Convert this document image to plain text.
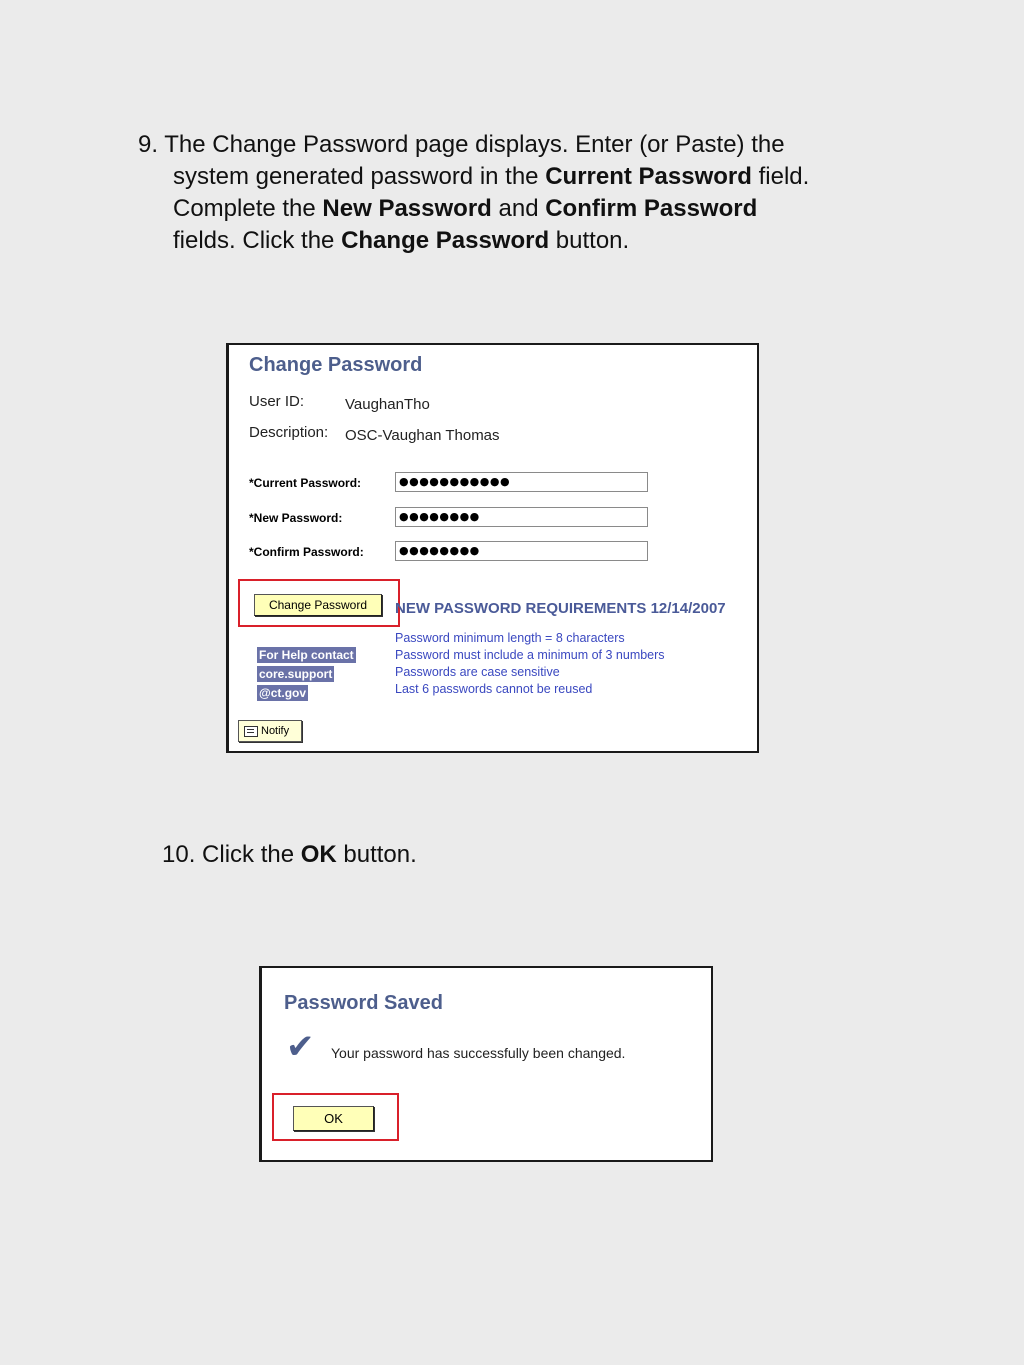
9. The Change Password page displays. Enter (or Paste) the
system generated password in the Current Password field.
Complete the New Password and Confirm Password
fields. Click the Change Password button.
Change Password
User ID:	VaughanTho
Description: OSC-Vaughan Thomas
*Current Password:	●●●●●●●●●●●
*New Password:	●●●●●●●●
*Confirm Password:	●●●●●●●●
Change Password	NEW PASSWORD REQUIREMENTS 12/14/2007
Password minimum length = 8 characters
Password must include a minimum of 3 numbers
Passwords are case sensitive
Last 6 passwords cannot be reused
For Help contact
core.support
@ct.gov
Notify
10. Click the OK button.
Password Saved
✔ Your password has successfully been changed.
OK
